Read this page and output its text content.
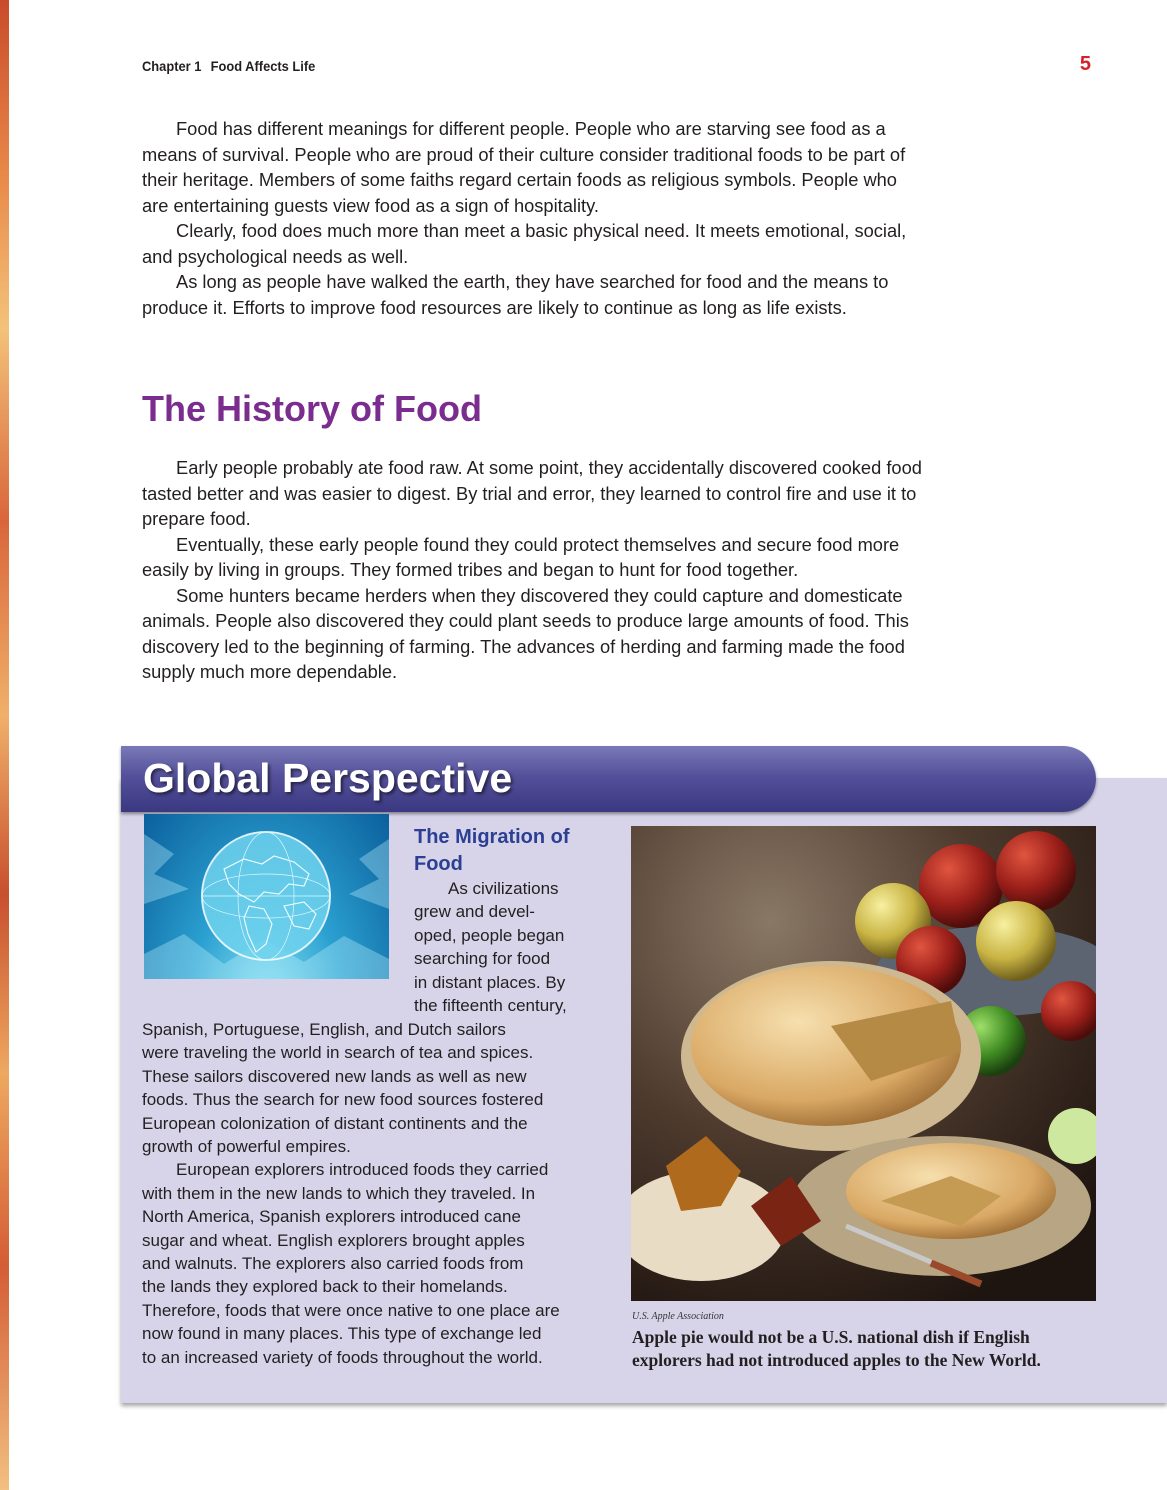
Chapter 1 Food Affects Life	5

Food has different meanings for different people. People who are starving see food as a means of survival. People who are proud of their culture consider traditional foods to be part of their heritage. Members of some faiths regard certain foods as religious symbols. People who are entertaining guests view food as a sign of hospitality.

Clearly, food does much more than meet a basic physical need. It meets emotional, social, and psychological needs as well.

As long as people have walked the earth, they have searched for food and the means to produce it. Efforts to improve food resources are likely to continue as long as life exists.

The History of Food

Early people probably ate food raw. At some point, they accidentally discovered cooked food tasted better and was easier to digest. By trial and error, they learned to control fire and use it to prepare food.

Eventually, these early people found they could protect themselves and secure food more easily by living in groups. They formed tribes and began to hunt for food together.

Some hunters became herders when they discovered they could capture and domesticate animals. People also discovered they could plant seeds to produce large amounts of food. This discovery led to the beginning of farming. The advances of herding and farming made the food supply much more dependable.

Global Perspective
The Migration of Food
As civilizations
grew and devel-
oped, people began
searching for food
in distant places. By
the fifteenth century,
Spanish, Portuguese, English, and Dutch sailors
were traveling the world in search of tea and spices.
These sailors discovered new lands as well as new
foods. Thus the search for new food sources fostered
European colonization of distant continents and the
growth of powerful empires.
European explorers introduced foods they carried
with them in the new lands to which they traveled. In
North America, Spanish explorers introduced cane
sugar and wheat. English explorers brought apples
and walnuts. The explorers also carried foods from
the lands they explored back to their homelands.
Therefore, foods that were once native to one place are
now found in many places. This type of exchange led
to an increased variety of foods throughout the world.
U.S. Apple Association
Apple pie would not be a U.S. national dish if English explorers had not introduced apples to the New World.
